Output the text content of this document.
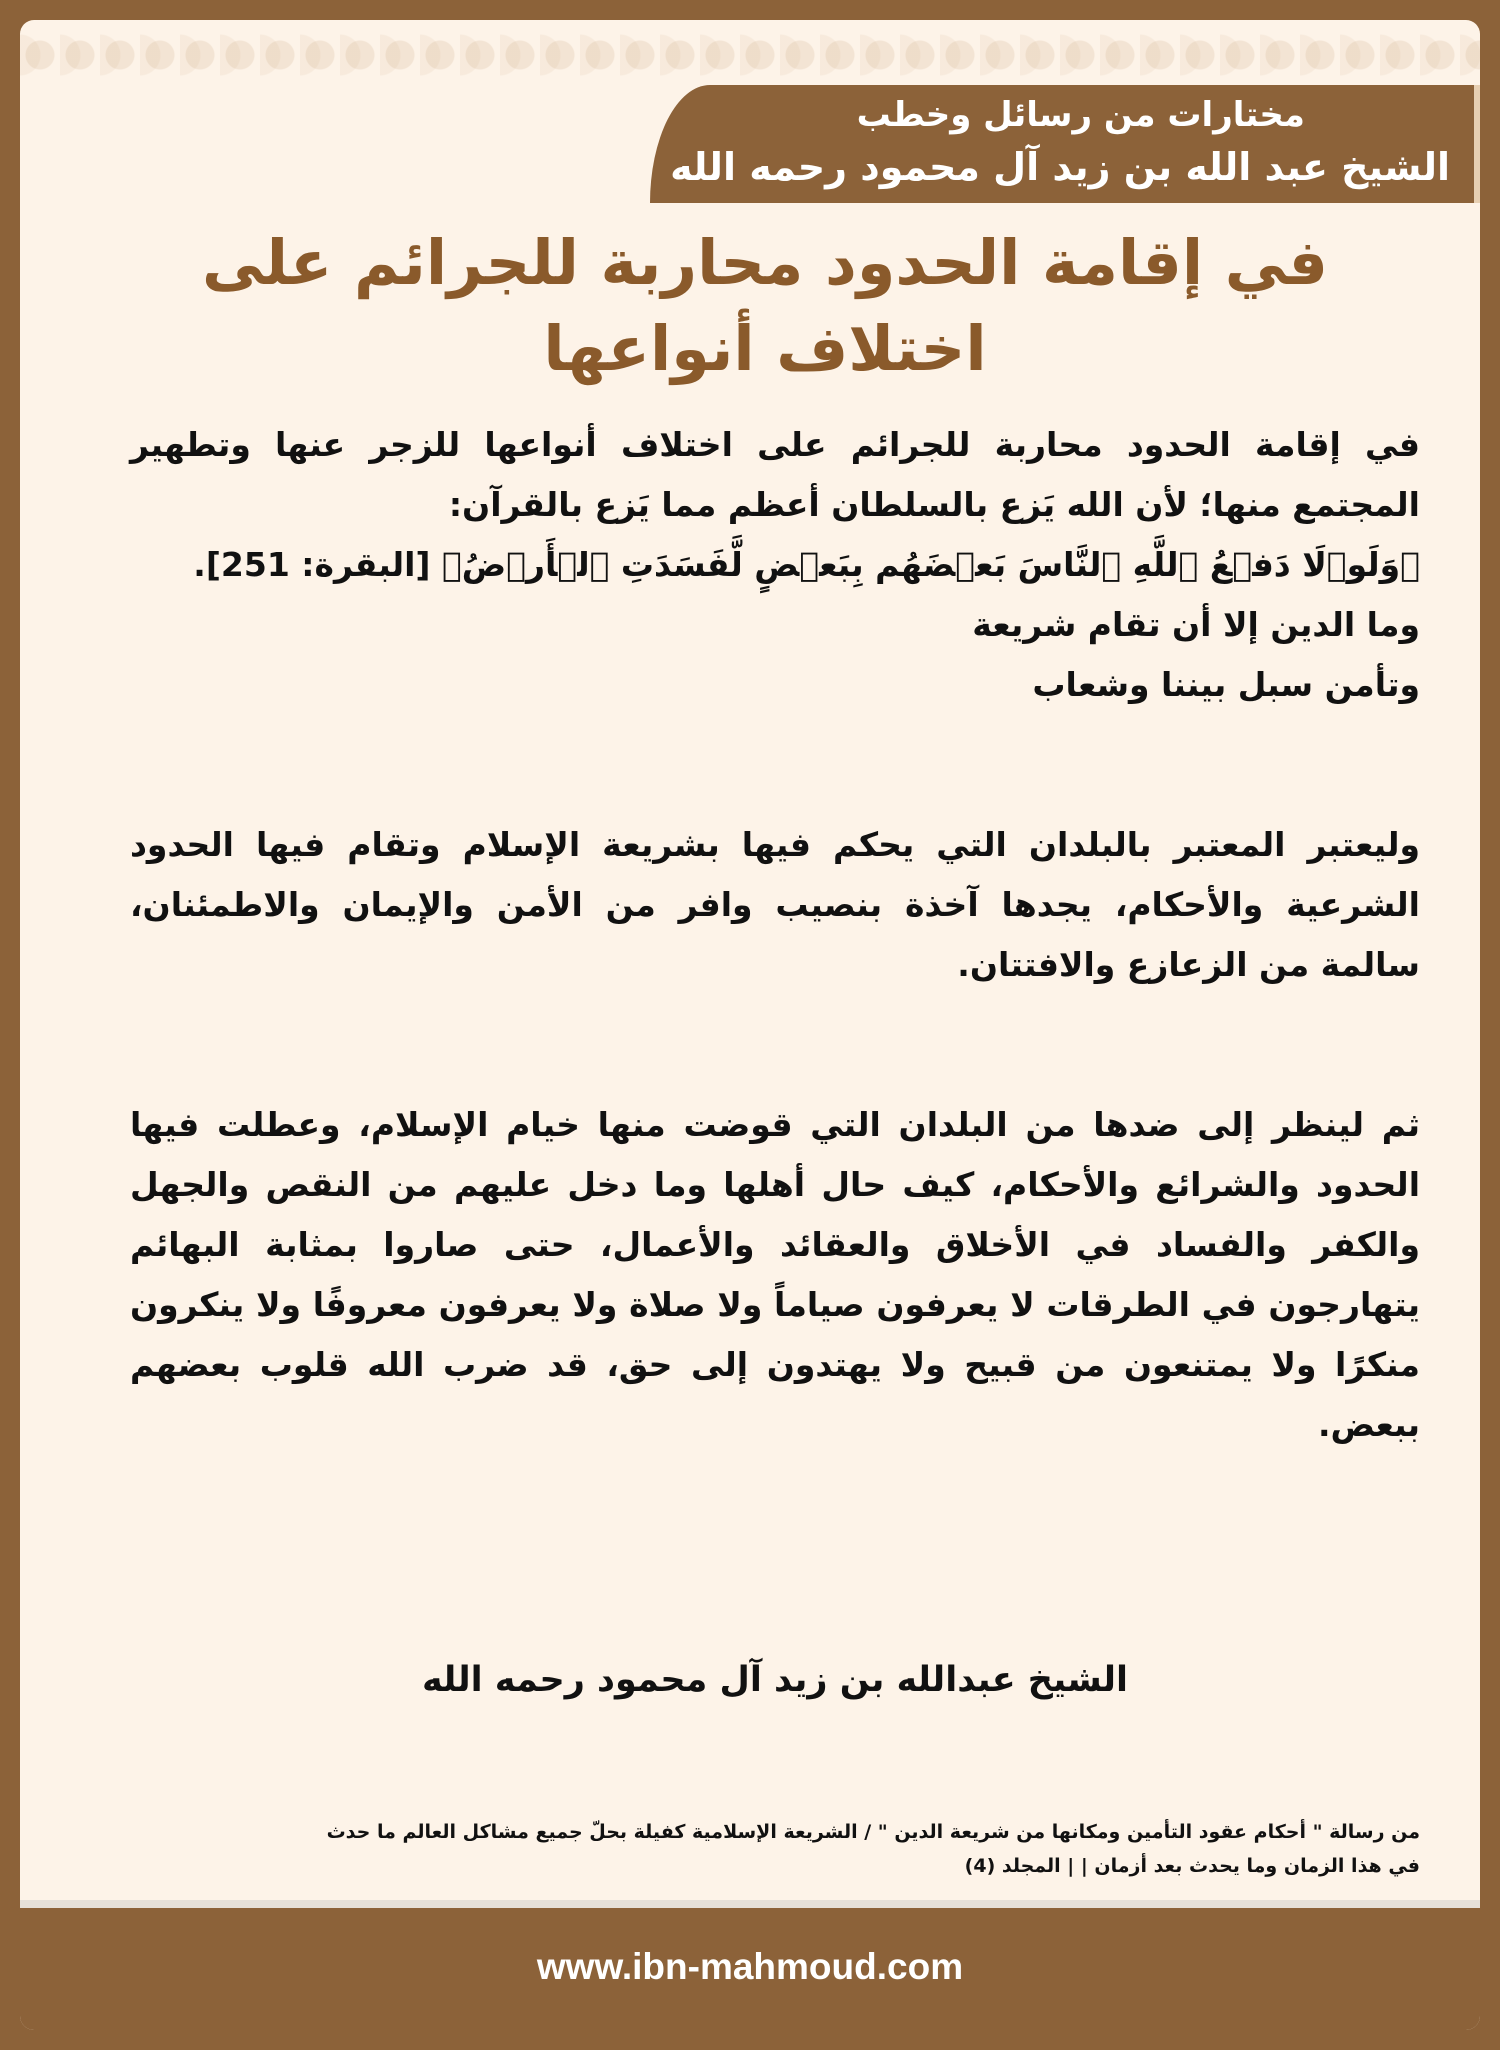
مختارات من رسائل وخطب
الشيخ عبد الله بن زيد آل محمود رحمه الله
في إقامة الحدود محاربة للجرائم على اختلاف أنواعها

في إقامة الحدود محاربة للجرائم على اختلاف أنواعها للزجر عنها وتطهير المجتمع منها؛ لأن الله يَزع بالسلطان أعظم مما يَزع بالقرآن:

﴿وَلَوۡلَا دَفۡعُ ٱللَّهِ ٱلنَّاسَ بَعۡضَهُم بِبَعۡضٍ لَّفَسَدَتِ ٱلۡأَرۡضُ﴾ [البقرة: 251].

وما الدين إلا أن تقام شريعة

وتأمن سبل بيننا وشعاب

وليعتبر المعتبر بالبلدان التي يحكم فيها بشريعة الإسلام وتقام فيها الحدود الشرعية والأحكام، يجدها آخذة بنصيب وافر من الأمن والإيمان والاطمئنان، سالمة من الزعازع والافتتان.

ثم لينظر إلى ضدها من البلدان التي قوضت منها خيام الإسلام، وعطلت فيها الحدود والشرائع والأحكام، كيف حال أهلها وما دخل عليهم من النقص والجهل والكفر والفساد في الأخلاق والعقائد والأعمال، حتى صاروا بمثابة البهائم يتهارجون في الطرقات لا يعرفون صياماً ولا صلاة ولا يعرفون معروفًا ولا ينكرون منكرًا ولا يمتنعون من قبيح ولا يهتدون إلى حق، قد ضرب الله قلوب بعضهم ببعض.

الشيخ عبدالله بن زيد آل محمود رحمه الله
من رسالة " أحكام عقود التأمين ومكانها من شريعة الدين " / الشريعة الإسلامية كفيلة بحلّ جميع مشاكل العالم ما حدث
في هذا الزمان وما يحدث بعد أزمان | | المجلد (4)
www.ibn-mahmoud.com
